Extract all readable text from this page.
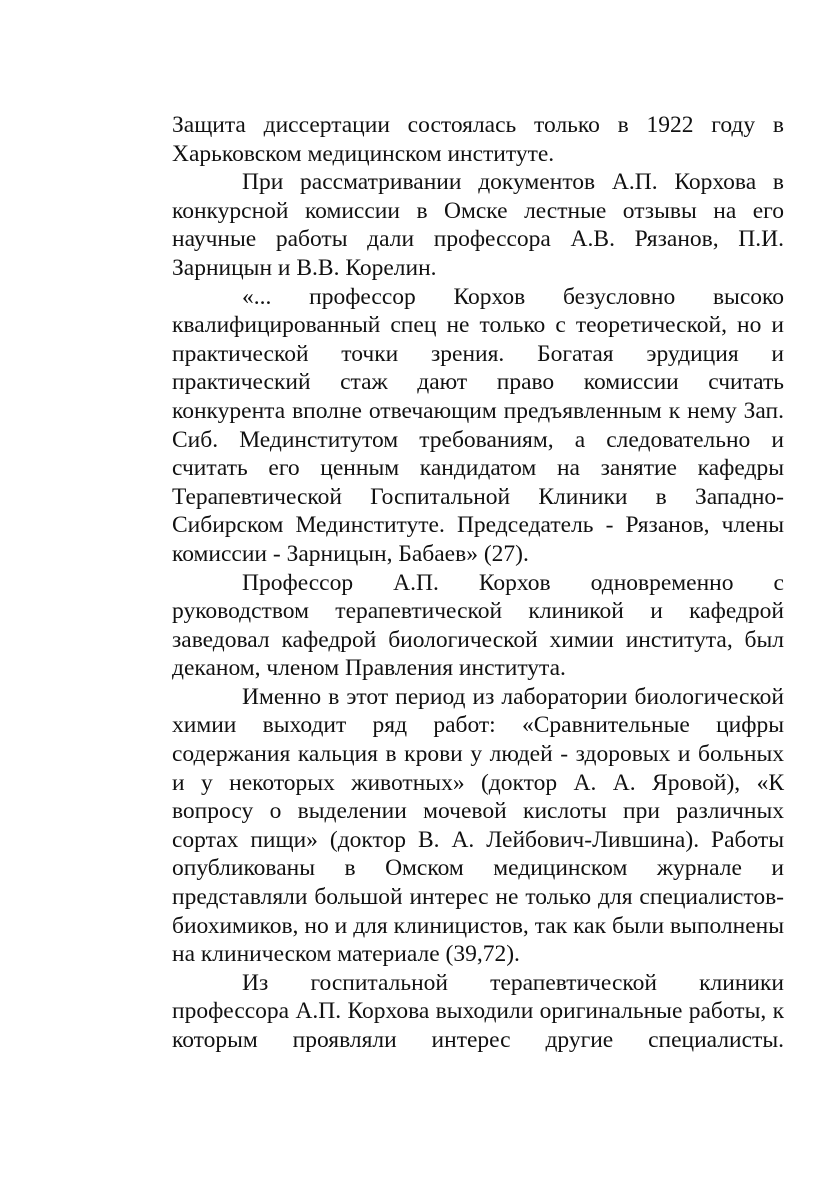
Защита диссертации состоялась только в 1922 году в Харьковском медицинском институте.

При рассматривании документов А.П. Корхова в конкурсной комиссии в Омске лестные отзывы на его научные работы дали профессора А.В. Рязанов, П.И. Зарницын и В.В. Корелин.

«... профессор Корхов безусловно высоко квалифицированный спец не только с теоретической, но и практической точки зрения. Богатая эрудиция и практический стаж дают право комиссии считать конкурента вполне отвечающим предъявленным к нему Зап. Сиб. Мединститутом требованиям, а следовательно и считать его ценным кандидатом на занятие кафедры Терапевтической Госпитальной Клиники в Западно-Сибирском Мединституте. Председатель - Рязанов, члены комиссии - Зарницын, Бабаев» (27).

Профессор А.П. Корхов одновременно с руководством терапевтической клиникой и кафедрой заведовал кафедрой биологической химии института, был деканом, членом Правления института.

Именно в этот период из лаборатории биологической химии выходит ряд работ: «Сравнительные цифры содержания кальция в крови у людей - здоровых и больных и у некоторых животных» (доктор А. А. Яровой), «К вопросу о выделении мочевой кислоты при различных сортах пищи» (доктор В. А. Лейбович-Лившина). Работы опубликованы в Омском медицинском журнале и представляли большой интерес не только для специалистов-биохимиков, но и для клиницистов, так как были выполнены на клиническом материале (39,72).

Из госпитальной терапевтической клиники профессора А.П. Корхова выходили оригинальные работы, к которым проявляли интерес другие специалисты.
